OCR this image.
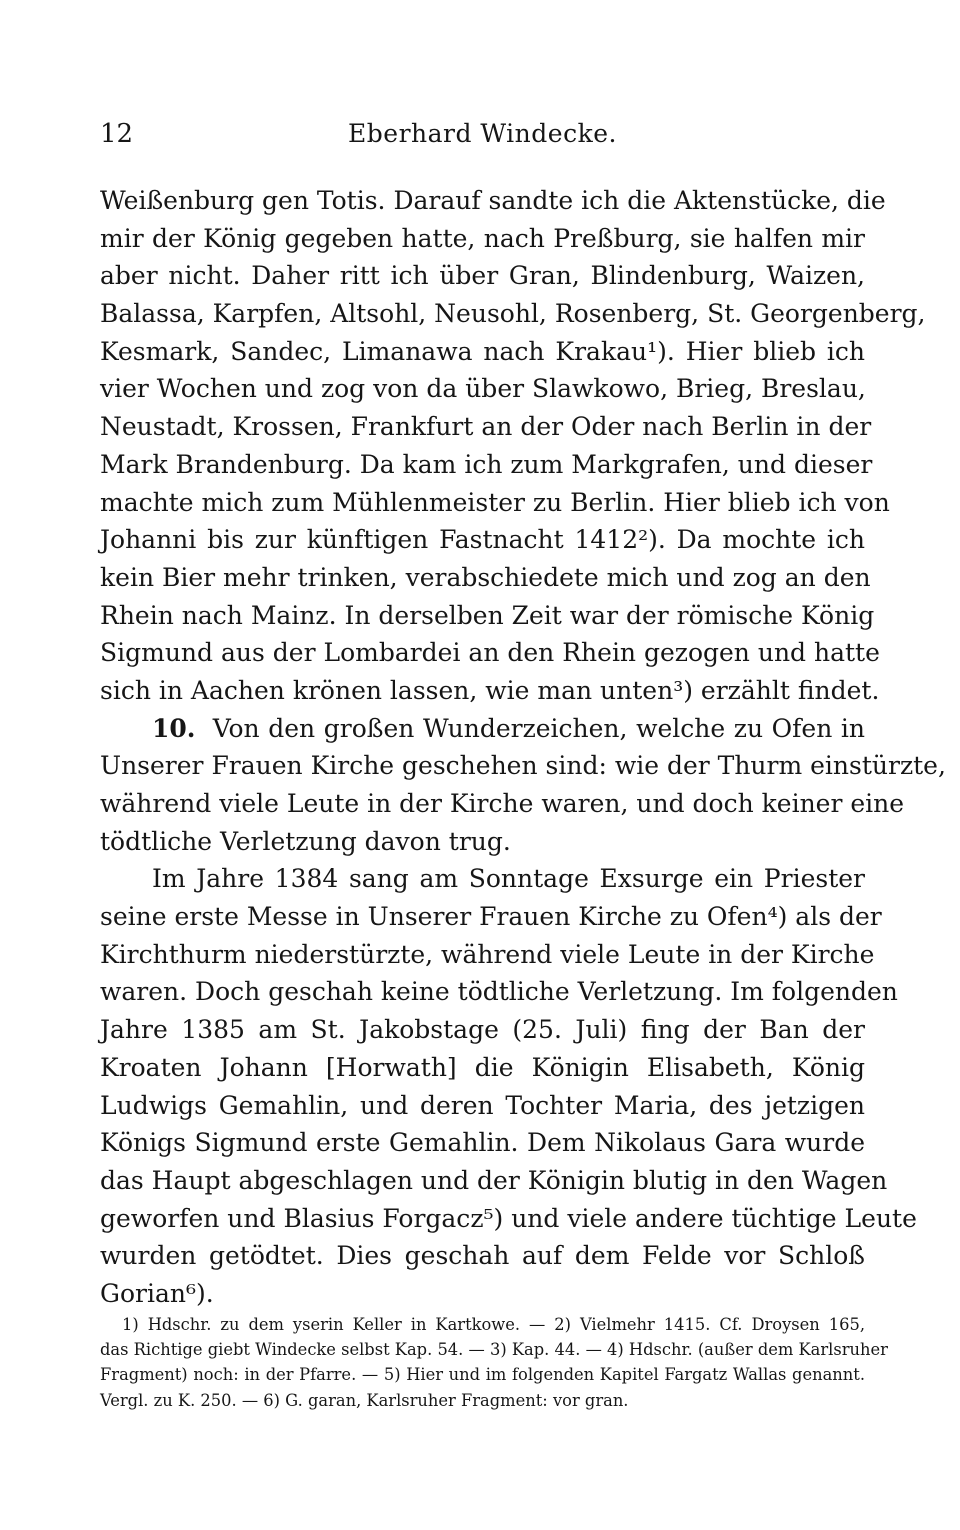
12	Eberhard Windecke.
Weißenburg gen Totis. Darauf sandte ich die Aktenstücke, die
mir der König gegeben hatte, nach Preßburg, sie halfen mir
aber nicht. Daher ritt ich über Gran, Blindenburg, Waizen,
Balassa, Karpfen, Altsohl, Neusohl, Rosenberg, St. Georgenberg,
Kesmark, Sandec, Limanawa nach Krakau¹). Hier blieb ich
vier Wochen und zog von da über Slawkowo, Brieg, Breslau,
Neustadt, Krossen, Frankfurt an der Oder nach Berlin in der
Mark Brandenburg. Da kam ich zum Markgrafen, und dieser
machte mich zum Mühlenmeister zu Berlin. Hier blieb ich von
Johanni bis zur künftigen Fastnacht 1412²). Da mochte ich
kein Bier mehr trinken, verabschiedete mich und zog an den
Rhein nach Mainz. In derselben Zeit war der römische König
Sigmund aus der Lombardei an den Rhein gezogen und hatte
sich in Aachen krönen lassen, wie man unten³) erzählt findet.
10. Von den großen Wunderzeichen, welche zu Ofen in
Unserer Frauen Kirche geschehen sind: wie der Thurm einstürzte,
während viele Leute in der Kirche waren, und doch keiner eine
tödtliche Verletzung davon trug.
Im Jahre 1384 sang am Sonntage Exsurge ein Priester
seine erste Messe in Unserer Frauen Kirche zu Ofen⁴) als der
Kirchthurm niederstürzte, während viele Leute in der Kirche
waren. Doch geschah keine tödtliche Verletzung. Im folgenden
Jahre 1385 am St. Jakobstage (25. Juli) fing der Ban der
Kroaten Johann [Horwath] die Königin Elisabeth, König
Ludwigs Gemahlin, und deren Tochter Maria, des jetzigen
Königs Sigmund erste Gemahlin. Dem Nikolaus Gara wurde
das Haupt abgeschlagen und der Königin blutig in den Wagen
geworfen und Blasius Forgacz⁵) und viele andere tüchtige Leute
wurden getödtet. Dies geschah auf dem Felde vor Schloß
Gorian⁶).
1) Hdschr. zu dem yserin Keller in Kartkowe. — 2) Vielmehr 1415. Cf. Droysen 165,
das Richtige giebt Windecke selbst Kap. 54. — 3) Kap. 44. — 4) Hdschr. (außer dem Karlsruher
Fragment) noch: in der Pfarre. — 5) Hier und im folgenden Kapitel Fargatz Wallas genannt.
Vergl. zu K. 250. — 6) G. garan, Karlsruher Fragment: vor gran.
